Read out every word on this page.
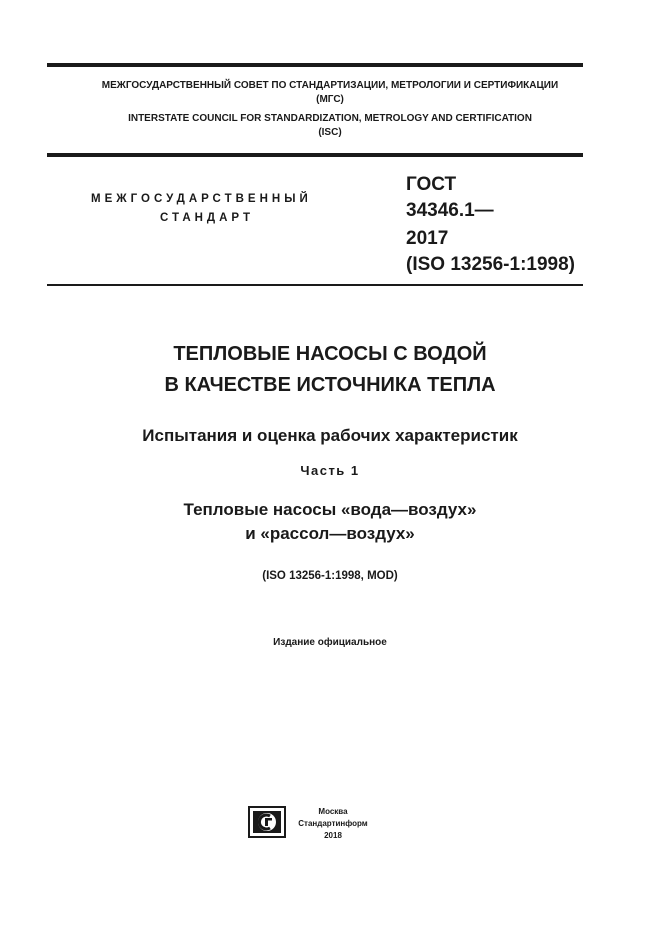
МЕЖГОСУДАРСТВЕННЫЙ СОВЕТ ПО СТАНДАРТИЗАЦИИ, МЕТРОЛОГИИ И СЕРТИФИКАЦИИ
(МГС)
INTERSTATE COUNCIL FOR STANDARDIZATION, METROLOGY AND CERTIFICATION
(ISC)
МЕЖГОСУДАРСТВЕННЫЙ
СТАНДАРТ
ГОСТ
34346.1—
2017
(ISO 13256-1:1998)
ТЕПЛОВЫЕ НАСОСЫ С ВОДОЙ
В КАЧЕСТВЕ ИСТОЧНИКА ТЕПЛА
Испытания и оценка рабочих характеристик
Часть 1
Тепловые насосы «вода—воздух»
и «рассол—воздух»
(ISO 13256-1:1998, MOD)
Издание официальное
Москва
Стандартинформ
2018
